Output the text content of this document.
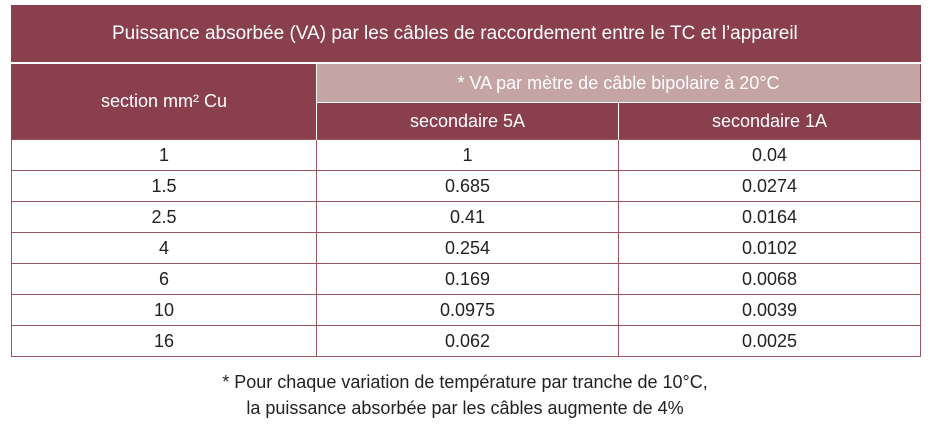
Puissance absorbée (VA) par les câbles de raccordement entre le TC et l’appareil		
section mm² Cu	* VA par mètre de câble bipolaire à 20°C	
	secondaire 5A	secondaire 1A
1	1	0.04
1.5	0.685	0.0274
2.5	0.41	0.0164
4	0.254	0.0102
6	0.169	0.0068
10	0.0975	0.0039
16	0.062	0.0025
* Pour chaque variation de température par tranche de 10°C,
la puissance absorbée par les câbles augmente de 4%
